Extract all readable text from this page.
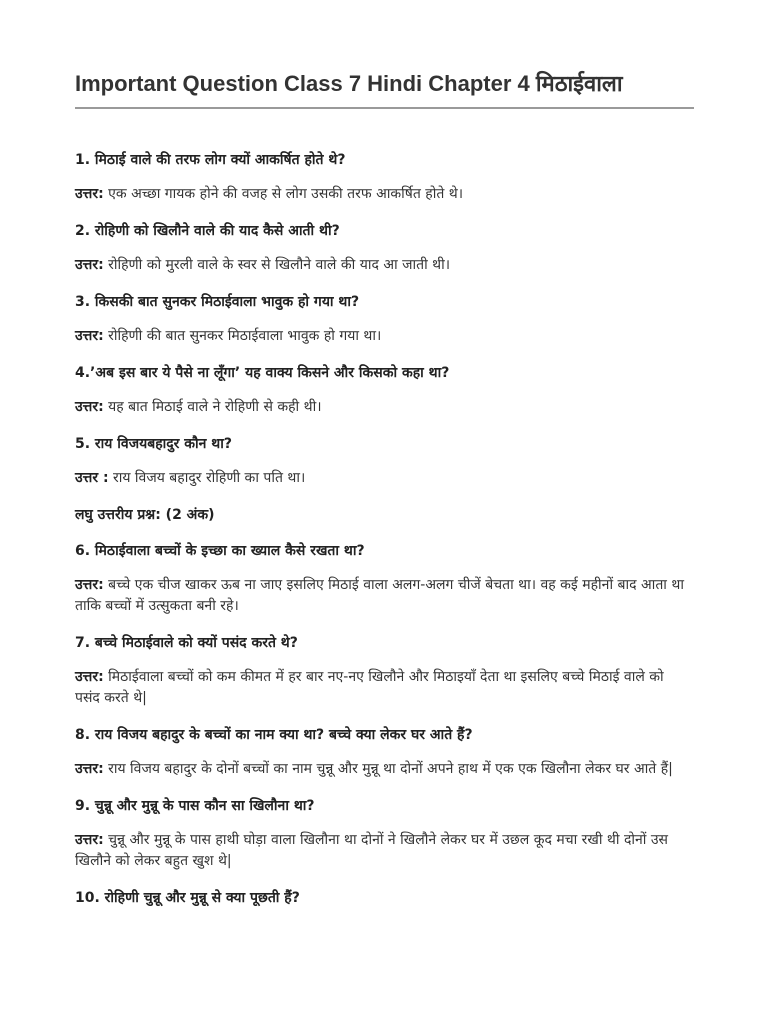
Important Question Class 7 Hindi Chapter 4 मिठाईवाला

1. मिठाई वाले की तरफ लोग क्यों आकर्षित होते थे?

उत्तर: एक अच्छा गायक होने की वजह से लोग उसकी तरफ आकर्षित होते थे।

2. रोहिणी को खिलौने वाले की याद कैसे आती थी?

उत्तर: रोहिणी को मुरली वाले के स्वर से खिलौने वाले की याद आ जाती थी।

3. किसकी बात सुनकर मिठाईवाला भावुक हो गया था?

उत्तर: रोहिणी की बात सुनकर मिठाईवाला भावुक हो गया था।

4.’अब इस बार ये पैसे ना लूँगा’ यह वाक्य किसने और किसको कहा था?

उत्तर: यह बात मिठाई वाले ने रोहिणी से कही थी।

5. राय विजयबहादुर कौन था?

उत्तर : राय विजय बहादुर रोहिणी का पति था।

लघु उत्तरीय प्रश्न: (2 अंक)

6. मिठाईवाला बच्चों के इच्छा का ख्याल कैसे रखता था?

उत्तर: बच्चे एक चीज खाकर ऊब ना जाए इसलिए मिठाई वाला अलग-अलग चीजें बेचता था। वह कई महीनों बाद आता था ताकि बच्चों में उत्सुकता बनी रहे।

7. बच्चे मिठाईवाले को क्यों पसंद करते थे?

उत्तर: मिठाईवाला बच्चों को कम कीमत में हर बार नए-नए खिलौने और मिठाइयाँ देता था इसलिए बच्चे मिठाई वाले को पसंद करते थे|

8. राय विजय बहादुर के बच्चों का नाम क्या था? बच्चे क्या लेकर घर आते हैं?

उत्तर: राय विजय बहादुर के दोनों बच्चों का नाम चुन्नू और मुन्नू था दोनों अपने हाथ में एक एक खिलौना लेकर घर आते हैं|

9. चुन्नू और मुन्नू के पास कौन सा खिलौना था?

उत्तर: चुन्नू और मुन्नू के पास हाथी घोड़ा वाला खिलौना था दोनों ने खिलौने लेकर घर में उछल कूद मचा रखी थी दोनों उस खिलौने को लेकर बहुत खुश थे|

10. रोहिणी चुन्नू और मुन्नू से क्या पूछती हैं?
